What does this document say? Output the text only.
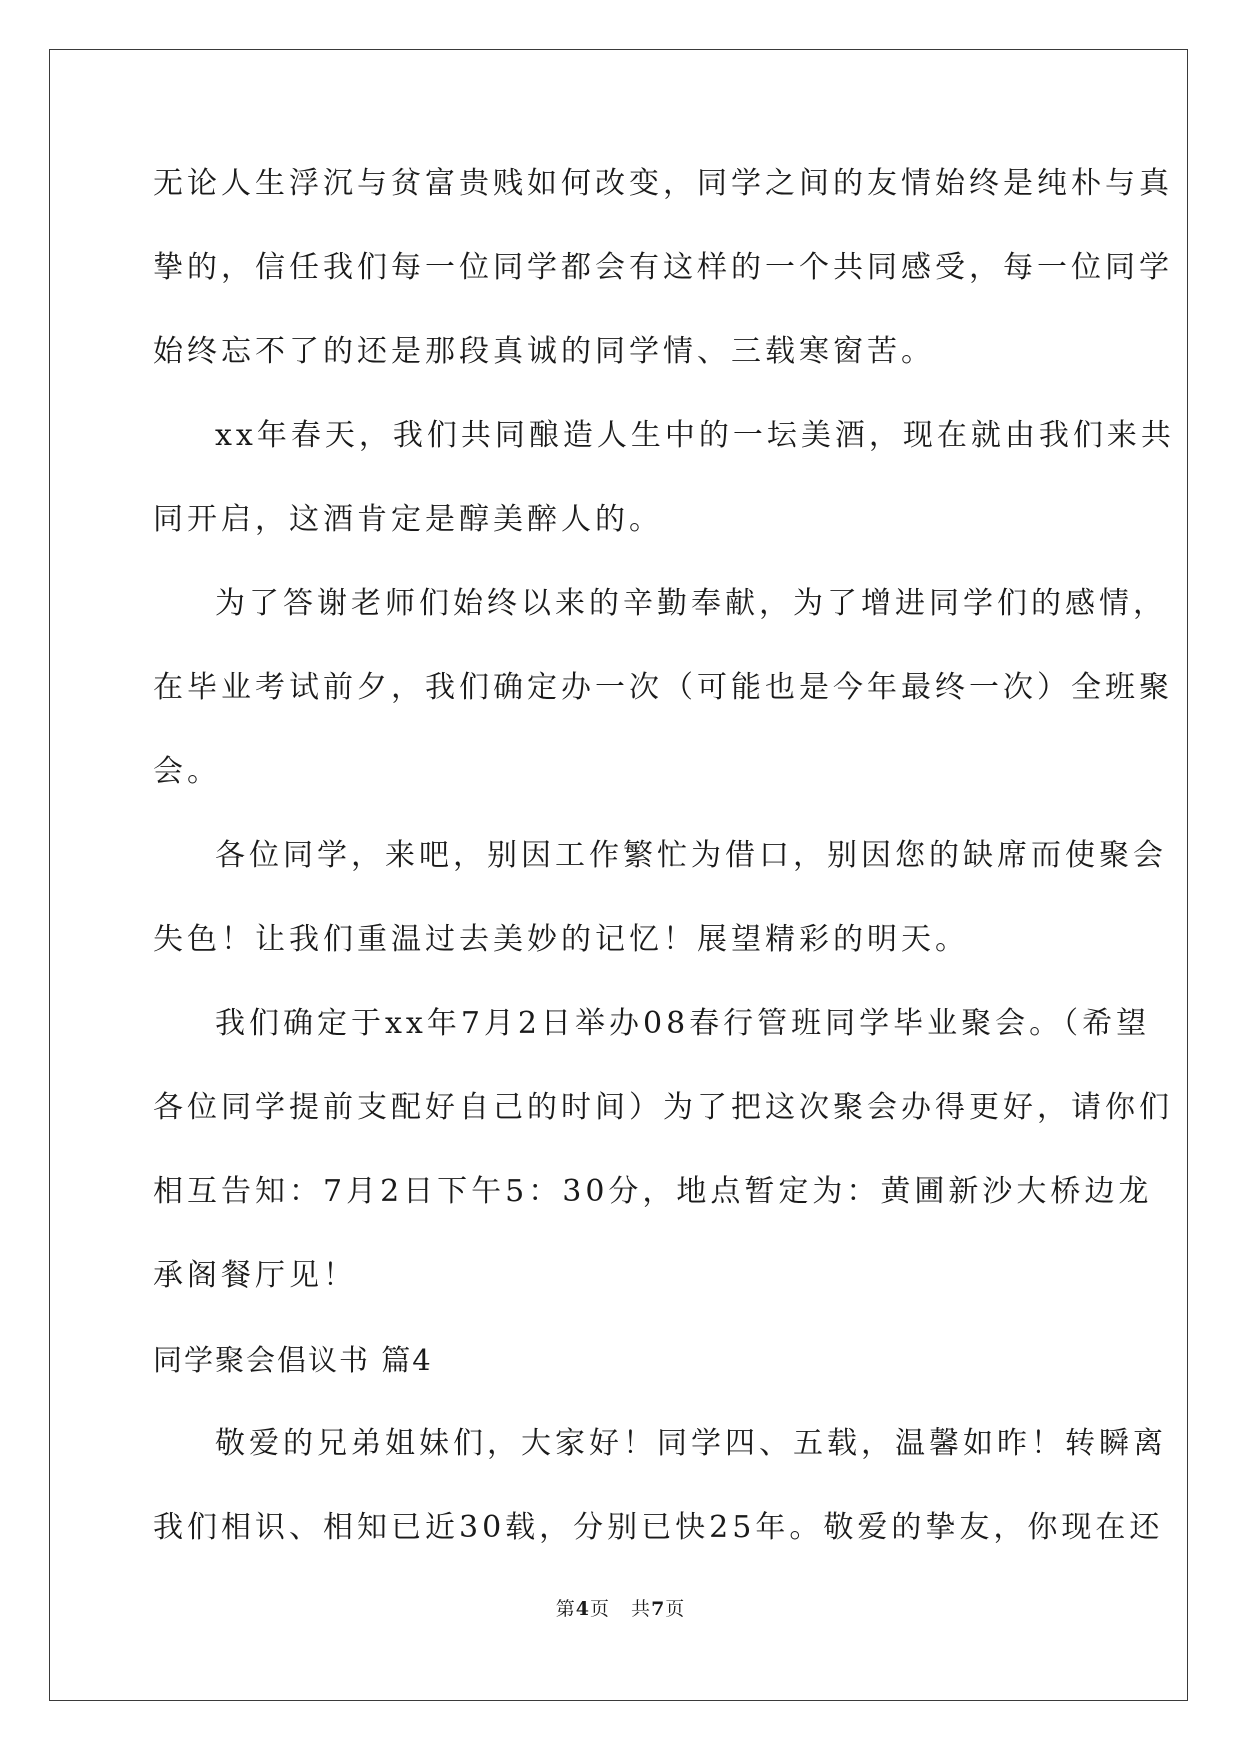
无论人生浮沉与贫富贵贱如何改变，同学之间的友情始终是纯朴与真
挚的，信任我们每一位同学都会有这样的一个共同感受，每一位同学
始终忘不了的还是那段真诚的同学情、三载寒窗苦。
xx年春天，我们共同酿造人生中的一坛美酒，现在就由我们来共
同开启，这酒肯定是醇美醉人的。
为了答谢老师们始终以来的辛勤奉献，为了增进同学们的感情，
在毕业考试前夕，我们确定办一次（可能也是今年最终一次）全班聚
会。
各位同学，来吧，别因工作繁忙为借口，别因您的缺席而使聚会
失色！让我们重温过去美妙的记忆！展望精彩的明天。
我们确定于xx年7月2日举办08春行管班同学毕业聚会。（希望
各位同学提前支配好自己的时间）为了把这次聚会办得更好，请你们
相互告知：7月2日下午5：30分，地点暂定为：黄圃新沙大桥边龙
承阁餐厅见！
同学聚会倡议书 篇4
敬爱的兄弟姐妹们，大家好！同学四、五载，温馨如昨！转瞬离
我们相识、相知已近30载，分别已快25年。敬爱的挚友，你现在还
第4页   共7页
